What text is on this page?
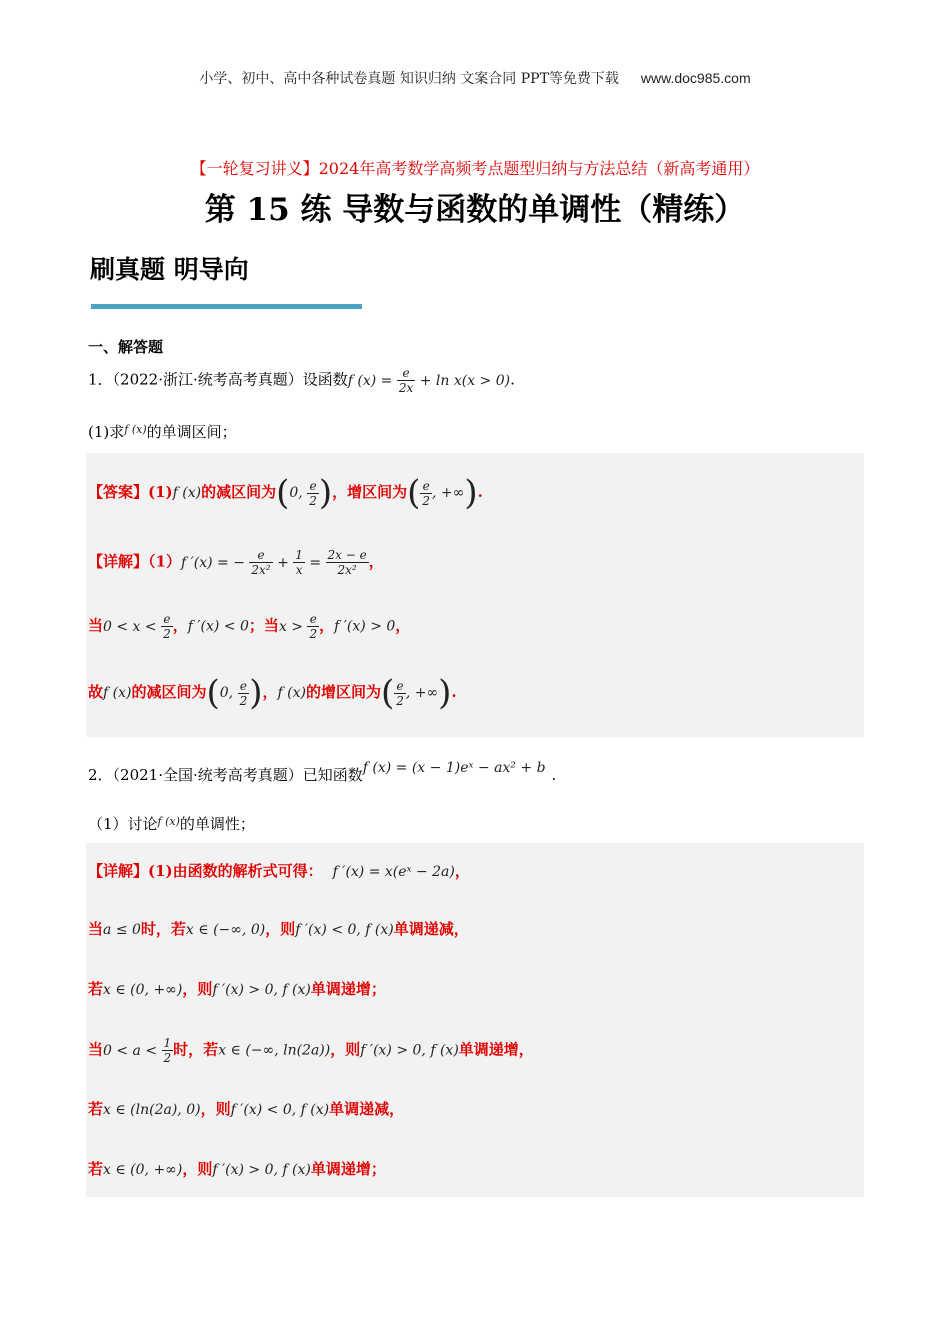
小学、初中、高中各种试卷真题 知识归纳 文案合同 PPT等免费下载 www.doc985.com
【一轮复习讲义】2024年高考数学高频考点题型归纳与方法总结（新高考通用）
第 15 练 导数与函数的单调性（精练）
刷真题 明导向
一、解答题
1．（2022·浙江·统考高考真题）设函数f $(x) = \frac{e}{2x} + \ln x(x > 0)$.
(1)求$^{f (x)}$的单调区间；
【答案】(1)f (x)的减区间为(0, $\frac{e}{2}$ )，增区间为( $\frac{e}{2}$ , +∞).
【详解】（1）f ′(x) = − $\frac{e}{\text{2x²}} + \frac{1}{x} = \frac{2x - e}{\text{2x²}}$ ，
当$0 < x < \frac{e}{2}$ ，f ′(x) < 0；当$x > \frac{e}{2}$ ，f ′(x) > 0，
故f (x)的减区间为(0, $\frac{e}{2}$ )，f (x)的增区间为( $\frac{e}{2}$ , +∞).
2．（2021·全国·统考高考真题）已知函数f (x) = (x − 1)eˣ − ax² + b .
（1）讨论$^{f (x)}$的单调性；
【详解】(1)由函数的解析式可得： f ′(x) = x(eˣ − 2a)，
当a ≤ 0时，若x ∈ (−∞, 0)，则f ′(x) < 0, f (x)单调递减，
若x ∈ (0, +∞)，则f ′(x) > 0, f (x)单调递增；
当$0 < a < \frac{1}{2}$ 时，若x ∈ (−∞, ln(2a))，则f ′(x) > 0, f (x)单调递增，
若x ∈ (ln(2a), 0)，则f ′(x) < 0, f (x)单调递减，
若x ∈ (0, +∞)，则f ′(x) > 0, f (x)单调递增；
